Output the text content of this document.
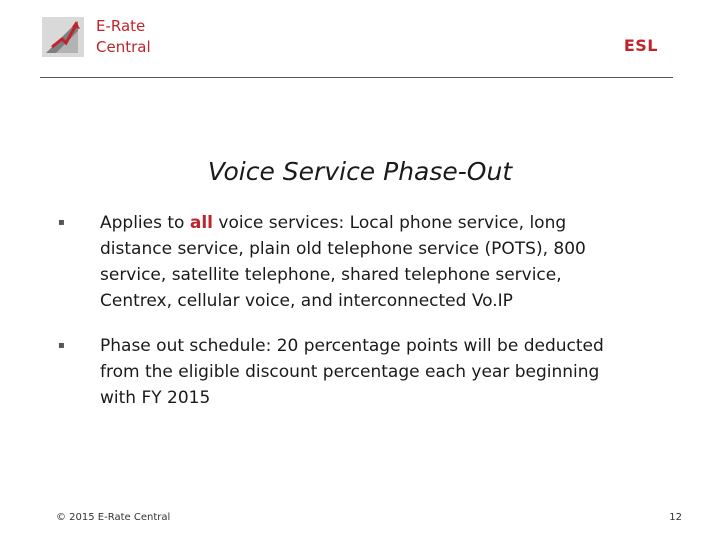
E-Rate
Central	ESL
Voice Service Phase-Out
▪ Applies to all voice services: Local phone service, long distance service, plain old telephone service (POTS), 800 service, satellite telephone, shared telephone service, Centrex, cellular voice, and interconnected Vo.IP
▪ Phase out schedule: 20 percentage points will be deducted from the eligible discount percentage each year beginning with FY 2015
© 2015 E-Rate Central	12
